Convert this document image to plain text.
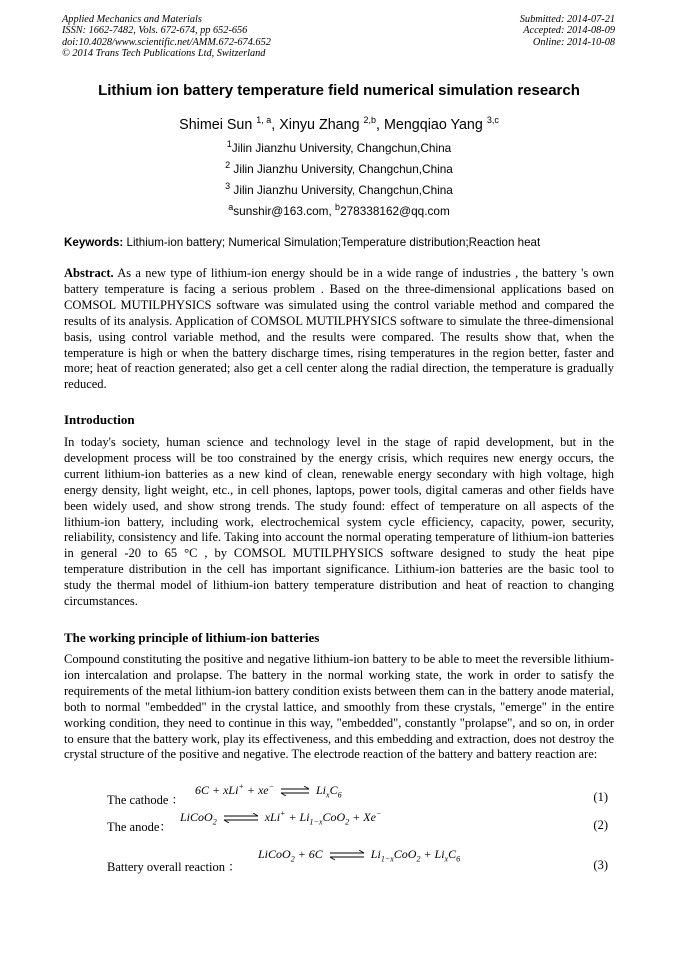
Applied Mechanics and Materials
ISSN: 1662-7482, Vols. 672-674, pp 652-656
doi:10.4028/www.scientific.net/AMM.672-674.652
© 2014 Trans Tech Publications Ltd, Switzerland
Submitted: 2014-07-21
Accepted: 2014-08-09
Online: 2014-10-08
Lithium ion battery temperature field numerical simulation research
Shimei Sun $^{1, a}$, Xinyu Zhang $^{2,b}$, Mengqiao Yang $^{3,c}$
$^1$Jilin Jianzhu University, Changchun,China
$^2$ Jilin Jianzhu University, Changchun,China
$^3$ Jilin Jianzhu University, Changchun,China
$^a$sunshir@163.com, $^b$278338162@qq.com
Keywords: Lithium-ion battery; Numerical Simulation;Temperature distribution;Reaction heat
Abstract. As a new type of lithium-ion energy should be in a wide range of industries , the battery 's own battery temperature is facing a serious problem . Based on the three-dimensional applications based on COMSOL MUTILPHYSICS software was simulated using the control variable method and compared the results of its analysis. Application of COMSOL MUTILPHYSICS software to simulate the three-dimensional basis, using control variable method, and the results were compared. The results show that, when the temperature is high or when the battery discharge times, rising temperatures in the region better, faster and more; heat of reaction generated; also get a cell center along the radial direction, the temperature is gradually reduced.
Introduction
In today's society, human science and technology level in the stage of rapid development, but in the development process will be too constrained by the energy crisis, which requires new energy occurs, the current lithium-ion batteries as a new kind of clean, renewable energy secondary with high voltage, high energy density, light weight, etc., in cell phones, laptops, power tools, digital cameras and other fields have been widely used, and show strong trends. The study found: effect of temperature on all aspects of the lithium-ion battery, including work, electrochemical system cycle efficiency, capacity, power, security, reliability, consistency and life. Taking into account the normal operating temperature of lithium-ion batteries in general -20 to 65 °C , by COMSOL MUTILPHYSICS software designed to study the heat pipe temperature distribution in the cell has important significance. Lithium-ion batteries are the basic tool to study the thermal model of lithium-ion battery temperature distribution and heat of reaction to changing circumstances.
The working principle of lithium-ion batteries
Compound constituting the positive and negative lithium-ion battery to be able to meet the reversible lithium-ion intercalation and prolapse. The battery in the normal working state, the work in order to satisfy the requirements of the metal lithium-ion battery condition exists between them can in the battery anode material, both to normal "embedded" in the crystal lattice, and smoothly from these crystals, "emerge" in the entire working condition, they need to continue in this way, "embedded", constantly "prolapse", and so on, in order to ensure that the battery work, play its effectiveness, and this embedding and extraction, does not destroy the crystal structure of the positive and negative. The electrode reaction of the battery and battery reaction are:
The cathode ：
6C + xLi+ + xe− ⇌ $Li_xC_6$	(1)
The anode：
LiCoO$_2$ ⇌ $xLi^+ + Li_{1-x}CoO_2 + Xe^-$
(2)
Battery overall reaction ：
LiCoO$_2$ + 6C ⇌ $Li_{1-x}CoO_2 + Li_xC_6$	(3)
